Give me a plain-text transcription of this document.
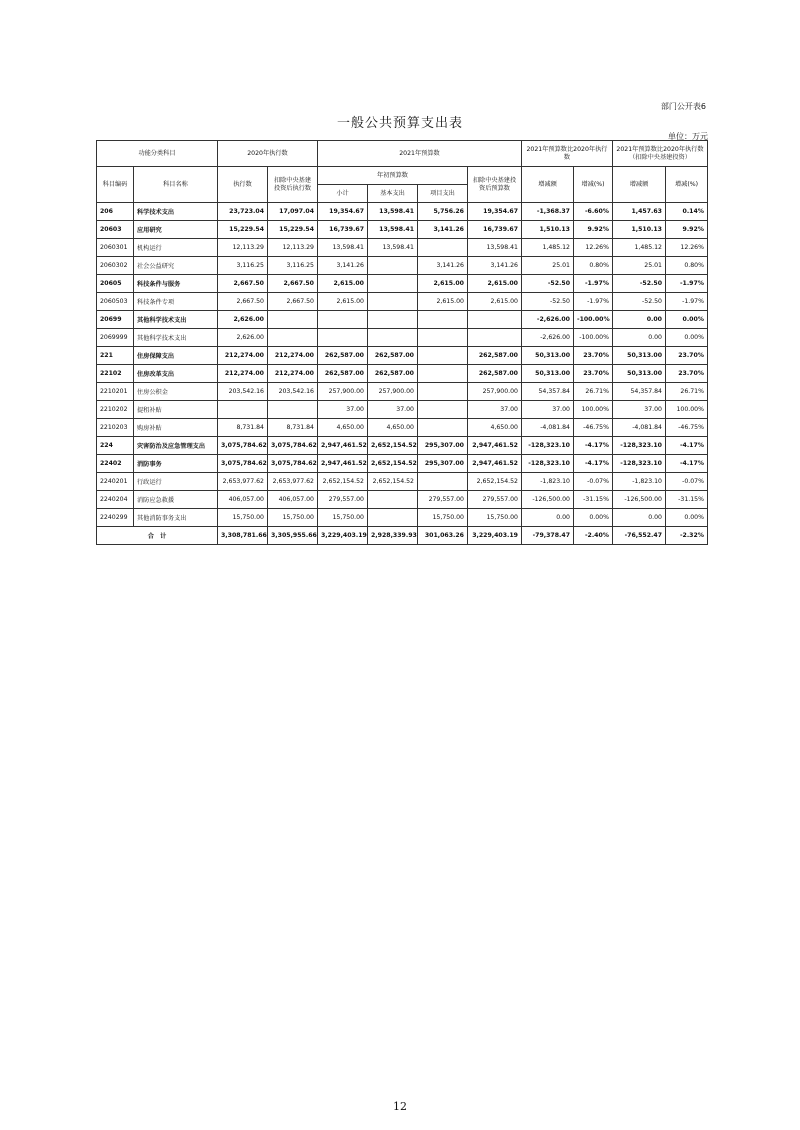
部门公开表6
一般公共预算支出表
单位：万元
功能分类科目		2020年执行数		2021年预算数				2021年预算数比2020年执行数		2021年预算数比2020年执行数（扣除中央基建投资）	
科目编码	科目名称	执行数	扣除中央基建投资后执行数	年初预算数			扣除中央基建投资后预算数	增减额	增减(%)	增减额	增减(%)
				小计	基本支出	项目支出					
206	科学技术支出	23,723.04	17,097.04	19,354.67	13,598.41	5,756.26	19,354.67	-1,368.37	-6.60%	1,457.63	0.14%
20603	应用研究	15,229.54	15,229.54	16,739.67	13,598.41	3,141.26	16,739.67	1,510.13	9.92%	1,510.13	9.92%
2060301	机构运行	12,113.29	12,113.29	13,598.41	13,598.41		13,598.41	1,485.12	12.26%	1,485.12	12.26%
2060302	社会公益研究	3,116.25	3,116.25	3,141.26		3,141.26	3,141.26	25.01	0.80%	25.01	0.80%
20605	科技条件与服务	2,667.50	2,667.50	2,615.00		2,615.00	2,615.00	-52.50	-1.97%	-52.50	-1.97%
2060503	科技条件专项	2,667.50	2,667.50	2,615.00		2,615.00	2,615.00	-52.50	-1.97%	-52.50	-1.97%
20699	其他科学技术支出	2,626.00						-2,626.00	-100.00%	0.00	0.00%
2069999	其他科学技术支出	2,626.00						-2,626.00	-100.00%	0.00	0.00%
221	住房保障支出	212,274.00	212,274.00	262,587.00	262,587.00		262,587.00	50,313.00	23.70%	50,313.00	23.70%
22102	住房改革支出	212,274.00	212,274.00	262,587.00	262,587.00		262,587.00	50,313.00	23.70%	50,313.00	23.70%
2210201	住房公积金	203,542.16	203,542.16	257,900.00	257,900.00		257,900.00	54,357.84	26.71%	54,357.84	26.71%
2210202	提租补贴			37.00	37.00		37.00	37.00	100.00%	37.00	100.00%
2210203	购房补贴	8,731.84	8,731.84	4,650.00	4,650.00		4,650.00	-4,081.84	-46.75%	-4,081.84	-46.75%
224	灾害防治及应急管理支出	3,075,784.62	3,075,784.62	2,947,461.52	2,652,154.52	295,307.00	2,947,461.52	-128,323.10	-4.17%	-128,323.10	-4.17%
22402	消防事务	3,075,784.62	3,075,784.62	2,947,461.52	2,652,154.52	295,307.00	2,947,461.52	-128,323.10	-4.17%	-128,323.10	-4.17%
2240201	行政运行	2,653,977.62	2,653,977.62	2,652,154.52	2,652,154.52		2,652,154.52	-1,823.10	-0.07%	-1,823.10	-0.07%
2240204	消防应急救援	406,057.00	406,057.00	279,557.00		279,557.00	279,557.00	-126,500.00	-31.15%	-126,500.00	-31.15%
2240299	其他消防事务支出	15,750.00	15,750.00	15,750.00		15,750.00	15,750.00	0.00	0.00%	0.00	0.00%
合　计		3,308,781.66	3,305,955.66	3,229,403.19	2,928,339.93	301,063.26	3,229,403.19	-79,378.47	-2.40%	-76,552.47	-2.32%
12
